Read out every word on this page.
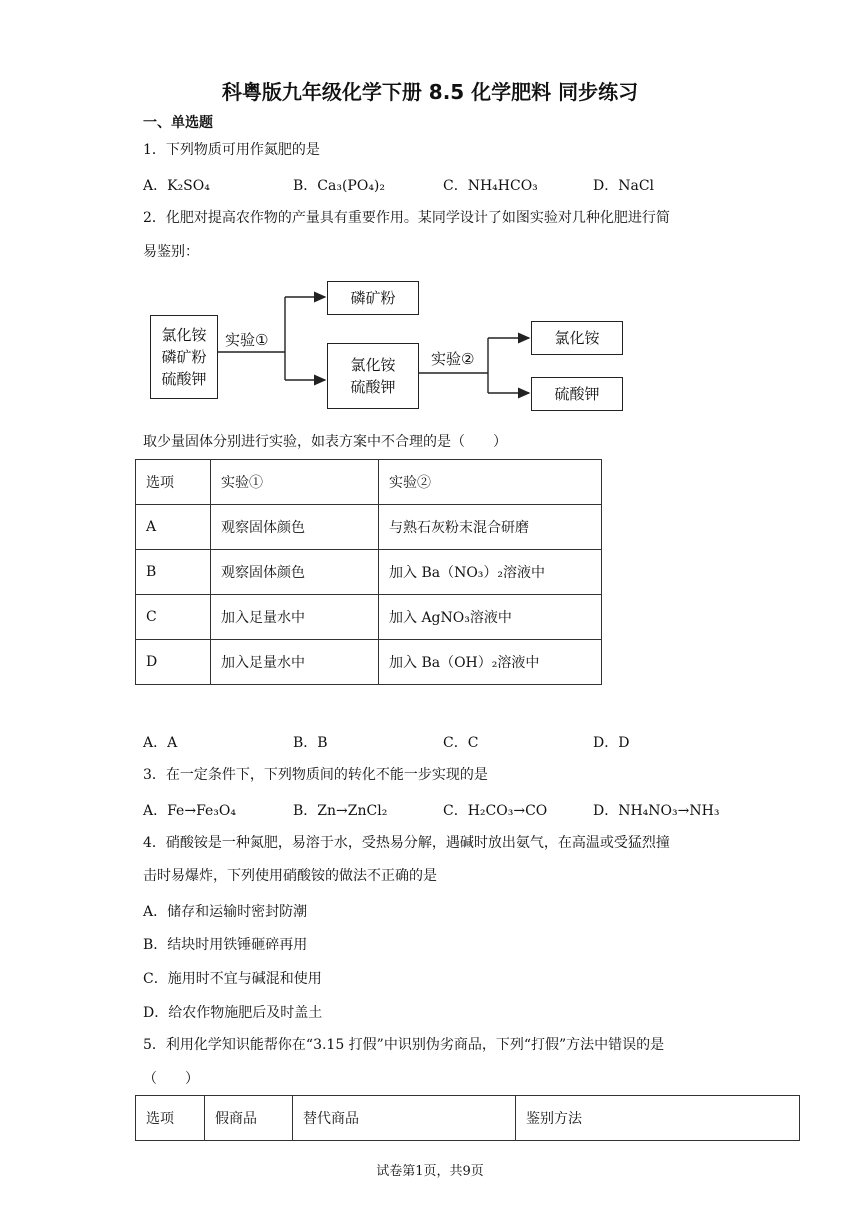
科粤版九年级化学下册 8.5 化学肥料 同步练习
一、单选题
1．下列物质可用作氮肥的是
A．K₂SO₄	B．Ca₃(PO₄)₂	C．NH₄HCO₃	D．NaCl
2．化肥对提高农作物的产量具有重要作用。某同学设计了如图实验对几种化肥进行简
易鉴别：
氯化铵
磷矿粉
硫酸钾
实验①
磷矿粉
氯化铵
硫酸钾
实验②
氯化铵
硫酸钾
取少量固体分别进行实验，如表方案中不合理的是（　　）
选项	实验①	实验②
A	观察固体颜色	与熟石灰粉末混合研磨
B	观察固体颜色	加入 Ba（NO₃）₂溶液中
C	加入足量水中	加入 AgNO₃溶液中
D	加入足量水中	加入 Ba（OH）₂溶液中
A．A	B．B	C．C	D．D
3．在一定条件下，下列物质间的转化不能一步实现的是
A．Fe→Fe₃O₄	B．Zn→ZnCl₂	C．H₂CO₃→CO	D．NH₄NO₃→NH₃
4．硝酸铵是一种氮肥，易溶于水，受热易分解，遇碱时放出氨气，在高温或受猛烈撞
击时易爆炸，下列使用硝酸铵的做法不正确的是
A．储存和运输时密封防潮
B．结块时用铁锤砸碎再用
C．施用时不宜与碱混和使用
D．给农作物施肥后及时盖土
5．利用化学知识能帮你在“3.15 打假”中识别伪劣商品，下列“打假”方法中错误的是
（　　）
选项	假商品	替代商品	鉴别方法
试卷第1页，共9页
